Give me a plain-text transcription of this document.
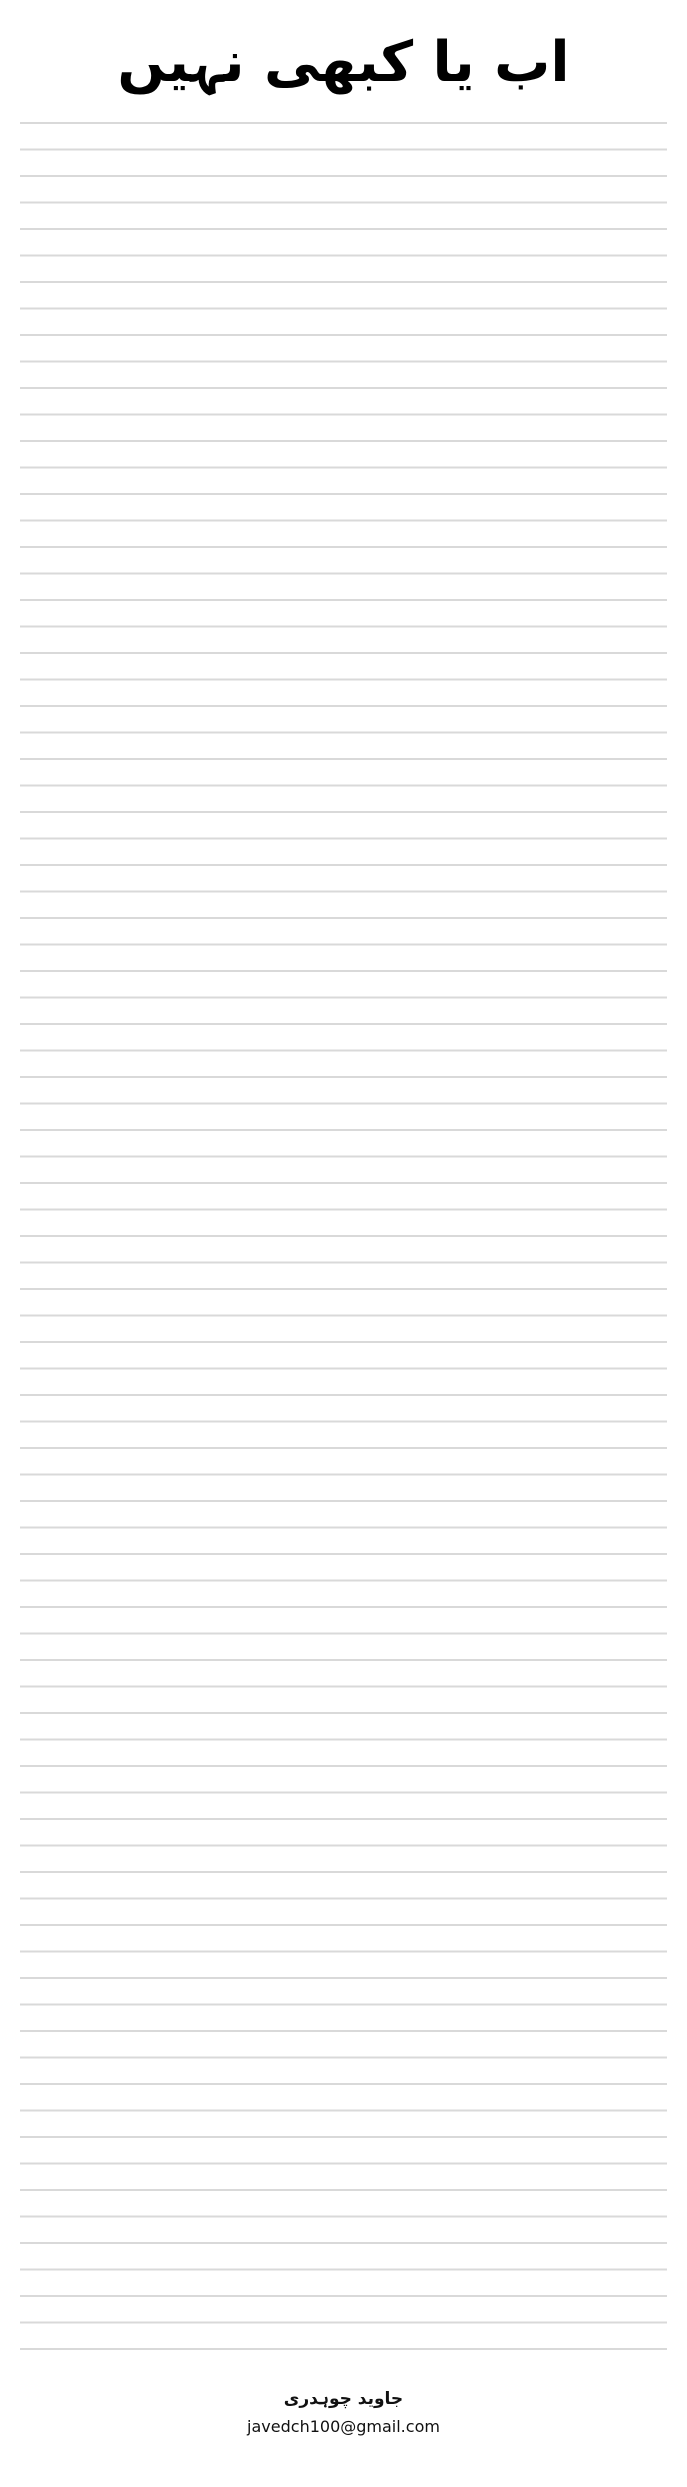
اب یا کبھی نہیں

جاوید چوہدری
javedch100@gmail.com
